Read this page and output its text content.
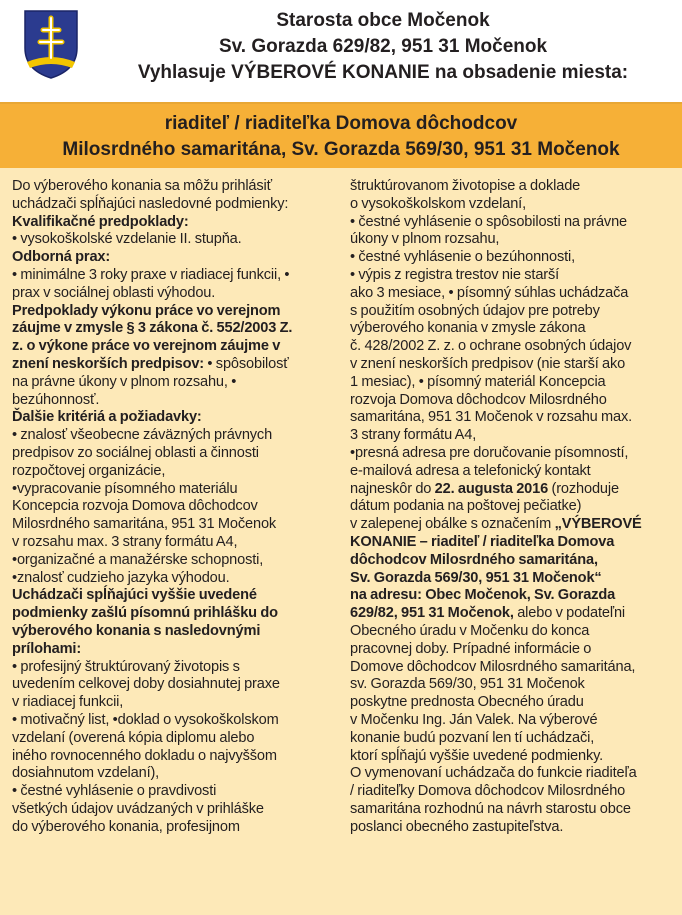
Starosta obce Močenok
Sv. Gorazda 629/82, 951 31 Močenok
Vyhlasuje VÝBEROVÉ KONANIE na obsadenie miesta:
riaditeľ / riaditeľka Domova dôchodcov
Milosrdného samaritána, Sv. Gorazda 569/30, 951 31 Močenok

Do výberového konania sa môžu prihlásiť

uchádzači spĺňajúci nasledovné podmienky:

Kvalifikačné predpoklady:

• vysokoškolské vzdelanie II. stupňa.

Odborná prax:

• minimálne 3 roky praxe v riadiacej funkcii, •

prax v sociálnej oblasti výhodou.

Predpoklady výkonu práce vo verejnom

záujme v zmysle § 3 zákona č. 552/2003 Z.

z. o výkone práce vo verejnom záujme v

znení neskorších predpisov: • spôsobilosť

na právne úkony v plnom rozsahu, •

bezúhonnosť.

Ďalšie kritériá a požiadavky:

• znalosť všeobecne záväzných právnych

predpisov zo sociálnej oblasti a činnosti

rozpočtovej organizácie,

•vypracovanie písomného materiálu

Koncepcia rozvoja Domova dôchodcov

Milosrdného samaritána, 951 31 Močenok

v rozsahu max. 3 strany formátu A4,

•organizačné a manažérske schopnosti,

•znalosť cudzieho jazyka výhodou.

Uchádzači spĺňajúci vyššie uvedené

podmienky zašlú písomnú prihlášku do

výberového konania s nasledovnými

prílohami:

• profesijný štruktúrovaný životopis s

uvedením celkovej doby dosiahnutej praxe

v riadiacej funkcii,

• motivačný list, •doklad o vysokoškolskom

vzdelaní (overená kópia diplomu alebo

iného rovnocenného dokladu o najvyššom

dosiahnutom vzdelaní),

• čestné vyhlásenie o pravdivosti

všetkých údajov uvádzaných v prihláške

do výberového konania, profesijnom

štruktúrovanom životopise a doklade

o vysokoškolskom vzdelaní,

• čestné vyhlásenie o spôsobilosti na právne

úkony v plnom rozsahu,

• čestné vyhlásenie o bezúhonnosti,

• výpis z registra trestov nie starší

ako 3 mesiace, • písomný súhlas uchádzača

s použitím osobných údajov pre potreby

výberového konania v zmysle zákona

č. 428/2002 Z. z. o ochrane osobných údajov

v znení neskorších predpisov (nie starší ako

1 mesiac), • písomný materiál Koncepcia

rozvoja Domova dôchodcov Milosrdného

samaritána, 951 31 Močenok v rozsahu max.

3 strany formátu A4,

•presná adresa pre doručovanie písomností,

e-mailová adresa a telefonický kontakt

najneskôr do 22. augusta 2016 (rozhoduje

dátum podania na poštovej pečiatke)

v zalepenej obálke s označením „VÝBEROVÉ

KONANIE – riaditeľ / riaditeľka Domova

dôchodcov Milosrdného samaritána,

Sv. Gorazda 569/30, 951 31 Močenok“

na adresu: Obec Močenok, Sv. Gorazda

629/82, 951 31 Močenok, alebo v podateľni

Obecného úradu v Močenku do konca

pracovnej doby. Prípadné informácie o

Domove dôchodcov Milosrdného samaritána,

sv. Gorazda 569/30, 951 31 Močenok

poskytne prednosta Obecného úradu

v Močenku Ing. Ján Valek. Na výberové

konanie budú pozvaní len tí uchádzači,

ktorí spĺňajú vyššie uvedené podmienky.

O vymenovaní uchádzača do funkcie riaditeľa

/ riaditeľky Domova dôchodcov Milosrdného

samaritána rozhodnú na návrh starostu obce

poslanci obecného zastupiteľstva.
